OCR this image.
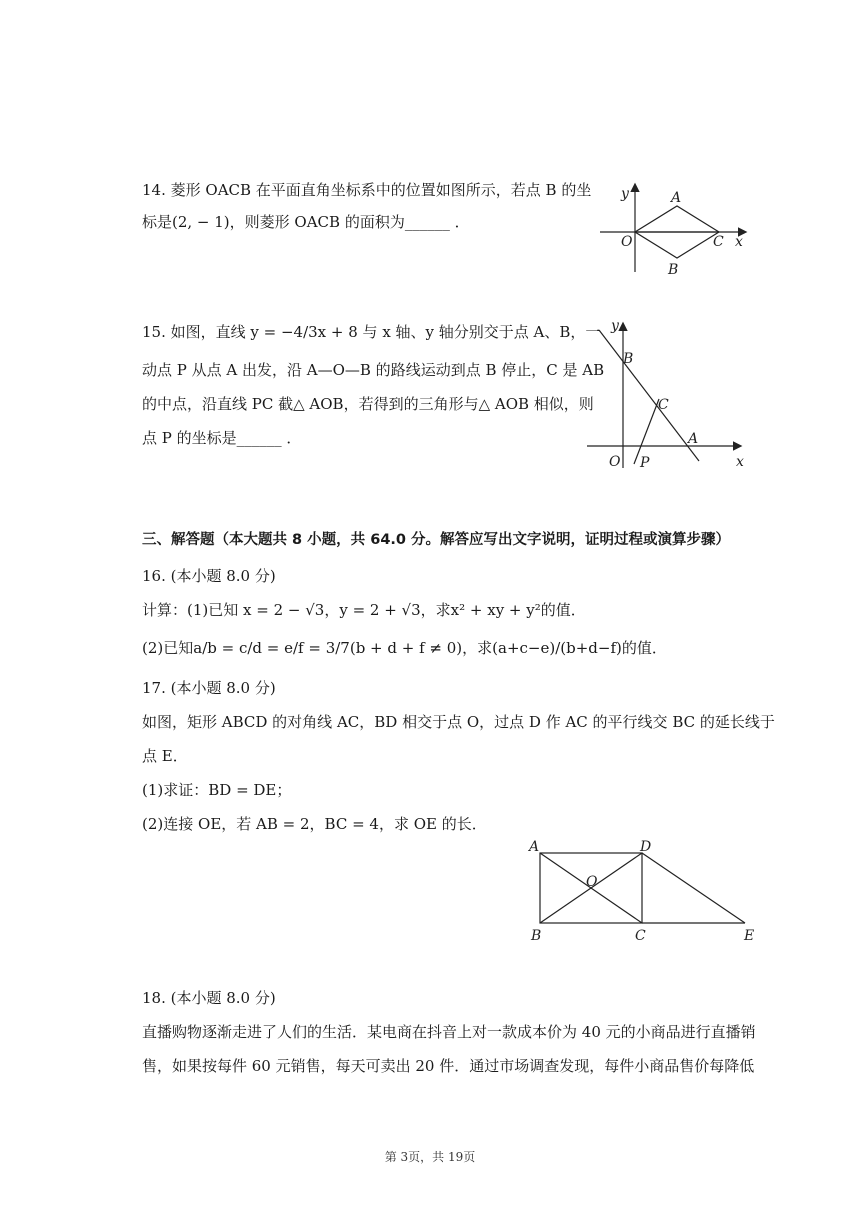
14. 菱形 OACB 在平面直角坐标系中的位置如图所示，若点 B 的坐
标是(2, − 1)，则菱形 OACB 的面积为______ ．
y
x
O
A
C
B
15. 如图，直线 y = −4/3x + 8 与 x 轴、y 轴分别交于点 A、B，一
动点 P 从点 A 出发，沿 A—O—B 的路线运动到点 B 停止，C 是 AB
的中点，沿直线 PC 截△ AOB，若得到的三角形与△ AOB 相似，则
点 P 的坐标是______ ．
y
x
B
C
A
O P
三、解答题（本大题共 8 小题，共 64.0 分。解答应写出文字说明，证明过程或演算步骤）
16. (本小题 8.0 分)
计算：(1)已知 x = 2 − √3，y = 2 + √3，求x² + xy + y²的值．
(2)已知a/b = c/d = e/f = 3/7(b + d + f ≠ 0)，求(a+c−e)/(b+d−f)的值．
17. (本小题 8.0 分)
如图，矩形 ABCD 的对角线 AC，BD 相交于点 O，过点 D 作 AC 的平行线交 BC 的延长线于
点 E．
(1)求证：BD = DE；
(2)连接 OE，若 AB = 2，BC = 4，求 OE 的长．
A	D
O
B	C	E
18. (本小题 8.0 分)
直播购物逐渐走进了人们的生活．某电商在抖音上对一款成本价为 40 元的小商品进行直播销
售，如果按每件 60 元销售，每天可卖出 20 件．通过市场调查发现，每件小商品售价每降低
第 3页，共 19页
